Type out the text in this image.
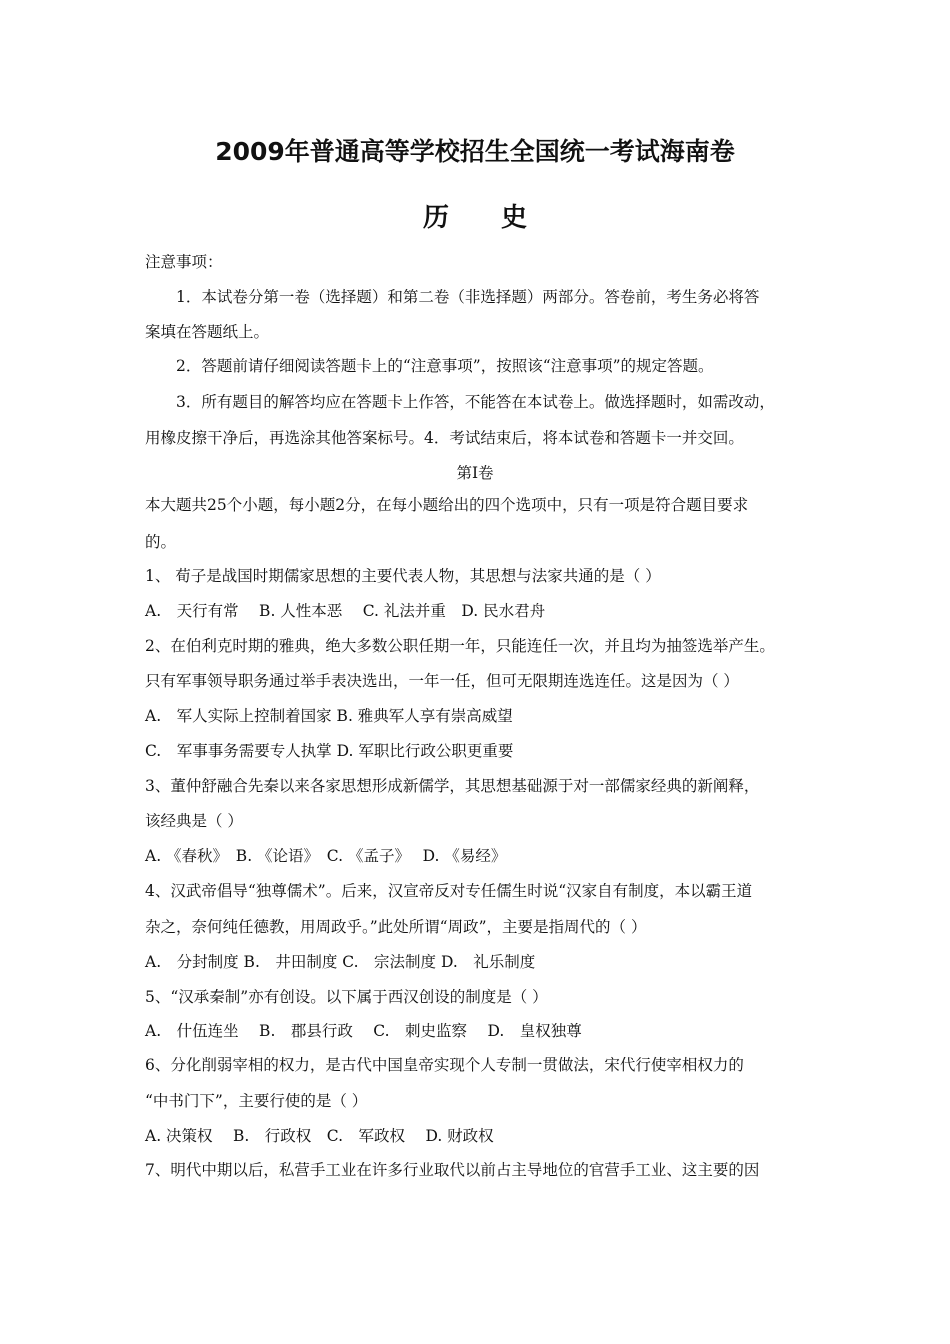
2009年普通高等学校招生全国统一考试海南卷
历 史
注意事项：
1．本试卷分第一卷（选择题）和第二卷（非选择题）两部分。答卷前，考生务必将答
案填在答题纸上。
2．答题前请仔细阅读答题卡上的“注意事项”，按照该“注意事项”的规定答题。
3．所有题目的解答均应在答题卡上作答，不能答在本试卷上。做选择题时，如需改动，
用橡皮擦干净后，再选涂其他答案标号。4．考试结束后，将本试卷和答题卡一并交回。
第Ⅰ卷
本大题共25个小题，每小题2分，在每小题给出的四个选项中，只有一项是符合题目要求
的。
1、 荀子是战国时期儒家思想的主要代表人物，其思想与法家共通的是（ ）
A.　天行有常　 B. 人性本恶　 C. 礼法并重　D. 民水君舟
2、在伯利克时期的雅典，绝大多数公职任期一年，只能连任一次，并且均为抽签选举产生。
只有军事领导职务通过举手表决选出，一年一任，但可无限期连选连任。这是因为（ ）
A.　军人实际上控制着国家 B. 雅典军人享有崇高威望
C.　军事事务需要专人执掌 D. 军职比行政公职更重要
3、董仲舒融合先秦以来各家思想形成新儒学，其思想基础源于对一部儒家经典的新阐释，
该经典是（ ）
A. 《春秋》　B. 《论语》　C. 《孟子》　 D. 《易经》
4、汉武帝倡导“独尊儒术”。后来，汉宣帝反对专任儒生时说“汉家自有制度，本以霸王道
杂之，奈何纯任德教，用周政乎。”此处所谓“周政”，主要是指周代的（ ）
A.　分封制度 B.　井田制度 C.　宗法制度 D.　礼乐制度
5、“汉承秦制”亦有创设。以下属于西汉创设的制度是（ ）
A.　什伍连坐　 B.　郡县行政　 C.　刺史监察　 D.　皇权独尊
6、分化削弱宰相的权力，是古代中国皇帝实现个人专制一贯做法，宋代行使宰相权力的
“中书门下”，主要行使的是（ ）
A. 决策权　 B.　行政权　C.　军政权　 D. 财政权
7、明代中期以后，私营手工业在许多行业取代以前占主导地位的官营手工业、这主要的因
